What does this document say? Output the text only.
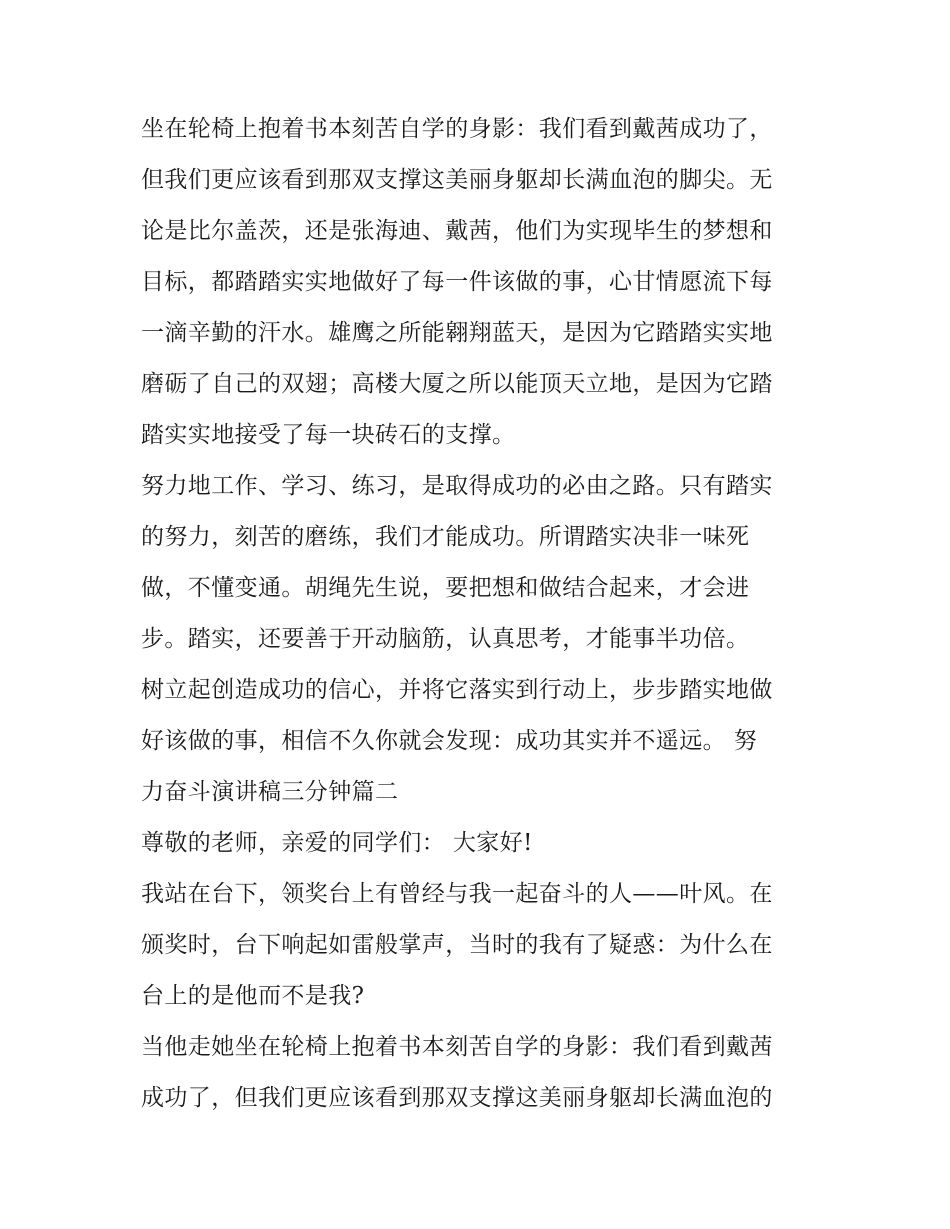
坐在轮椅上抱着书本刻苦自学的身影：我们看到戴茜成功了，
但我们更应该看到那双支撑这美丽身躯却长满血泡的脚尖。无
论是比尔盖茨，还是张海迪、戴茜，他们为实现毕生的梦想和
目标，都踏踏实实地做好了每一件该做的事，心甘情愿流下每
一滴辛勤的汗水。雄鹰之所能翱翔蓝天，是因为它踏踏实实地
磨砺了自己的双翅；高楼大厦之所以能顶天立地，是因为它踏
踏实实地接受了每一块砖石的支撑。
努力地工作、学习、练习，是取得成功的必由之路。只有踏实
的努力，刻苦的磨练，我们才能成功。所谓踏实决非一味死
做，不懂变通。胡绳先生说，要把想和做结合起来，才会进
步。踏实，还要善于开动脑筋，认真思考，才能事半功倍。
树立起创造成功的信心，并将它落实到行动上，步步踏实地做
好该做的事，相信不久你就会发现：成功其实并不遥远。 努
力奋斗演讲稿三分钟篇二
尊敬的老师，亲爱的同学们： 大家好!
我站在台下，领奖台上有曾经与我一起奋斗的人——叶风。在
颁奖时，台下响起如雷般掌声，当时的我有了疑惑：为什么在
台上的是他而不是我?
当他走她坐在轮椅上抱着书本刻苦自学的身影：我们看到戴茜
成功了，但我们更应该看到那双支撑这美丽身躯却长满血泡的
